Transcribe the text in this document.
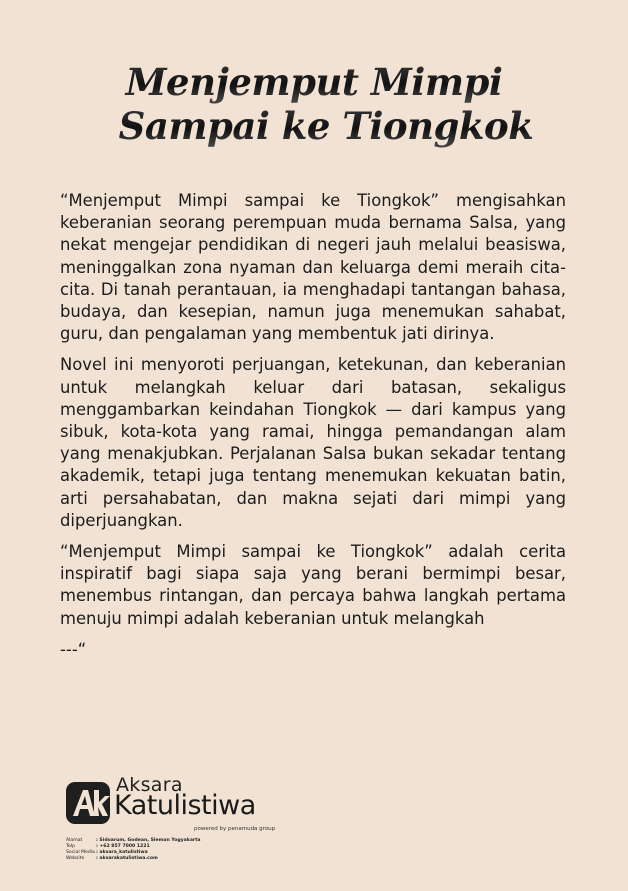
Menjemput Mimpi
Sampai ke Tiongkok

“Menjemput Mimpi sampai ke Tiongkok” mengisahkan keberanian seorang perempuan muda bernama Salsa, yang nekat mengejar pendidikan di negeri jauh melalui beasiswa, meninggalkan zona nyaman dan keluarga demi meraih cita-cita. Di tanah perantauan, ia menghadapi tantangan bahasa, budaya, dan kesepian, namun juga menemukan sahabat, guru, dan pengalaman yang membentuk jati dirinya.

Novel ini menyoroti perjuangan, ketekunan, dan keberanian untuk melangkah keluar dari batasan, sekaligus menggambarkan keindahan Tiongkok — dari kampus yang sibuk, kota-kota yang ramai, hingga pemandangan alam yang menakjubkan. Perjalanan Salsa bukan sekadar tentang akademik, tetapi juga tentang menemukan kekuatan batin, arti persahabatan, dan makna sejati dari mimpi yang diperjuangkan.

“Menjemput Mimpi sampai ke Tiongkok” adalah cerita inspiratif bagi siapa saja yang berani bermimpi besar, menembus rintangan, dan percaya bahwa langkah pertama menuju mimpi adalah keberanian untuk melangkah

---“
Aksara
Katulistiwa
powered by penamuda group
Alamat	: Sidoarum, Godean, Sleman Yogyakarta
Telp	: +62 857 7000 1221
Social Media : aksara_katulistiwa
Website	: aksarakatulistiwa.com
